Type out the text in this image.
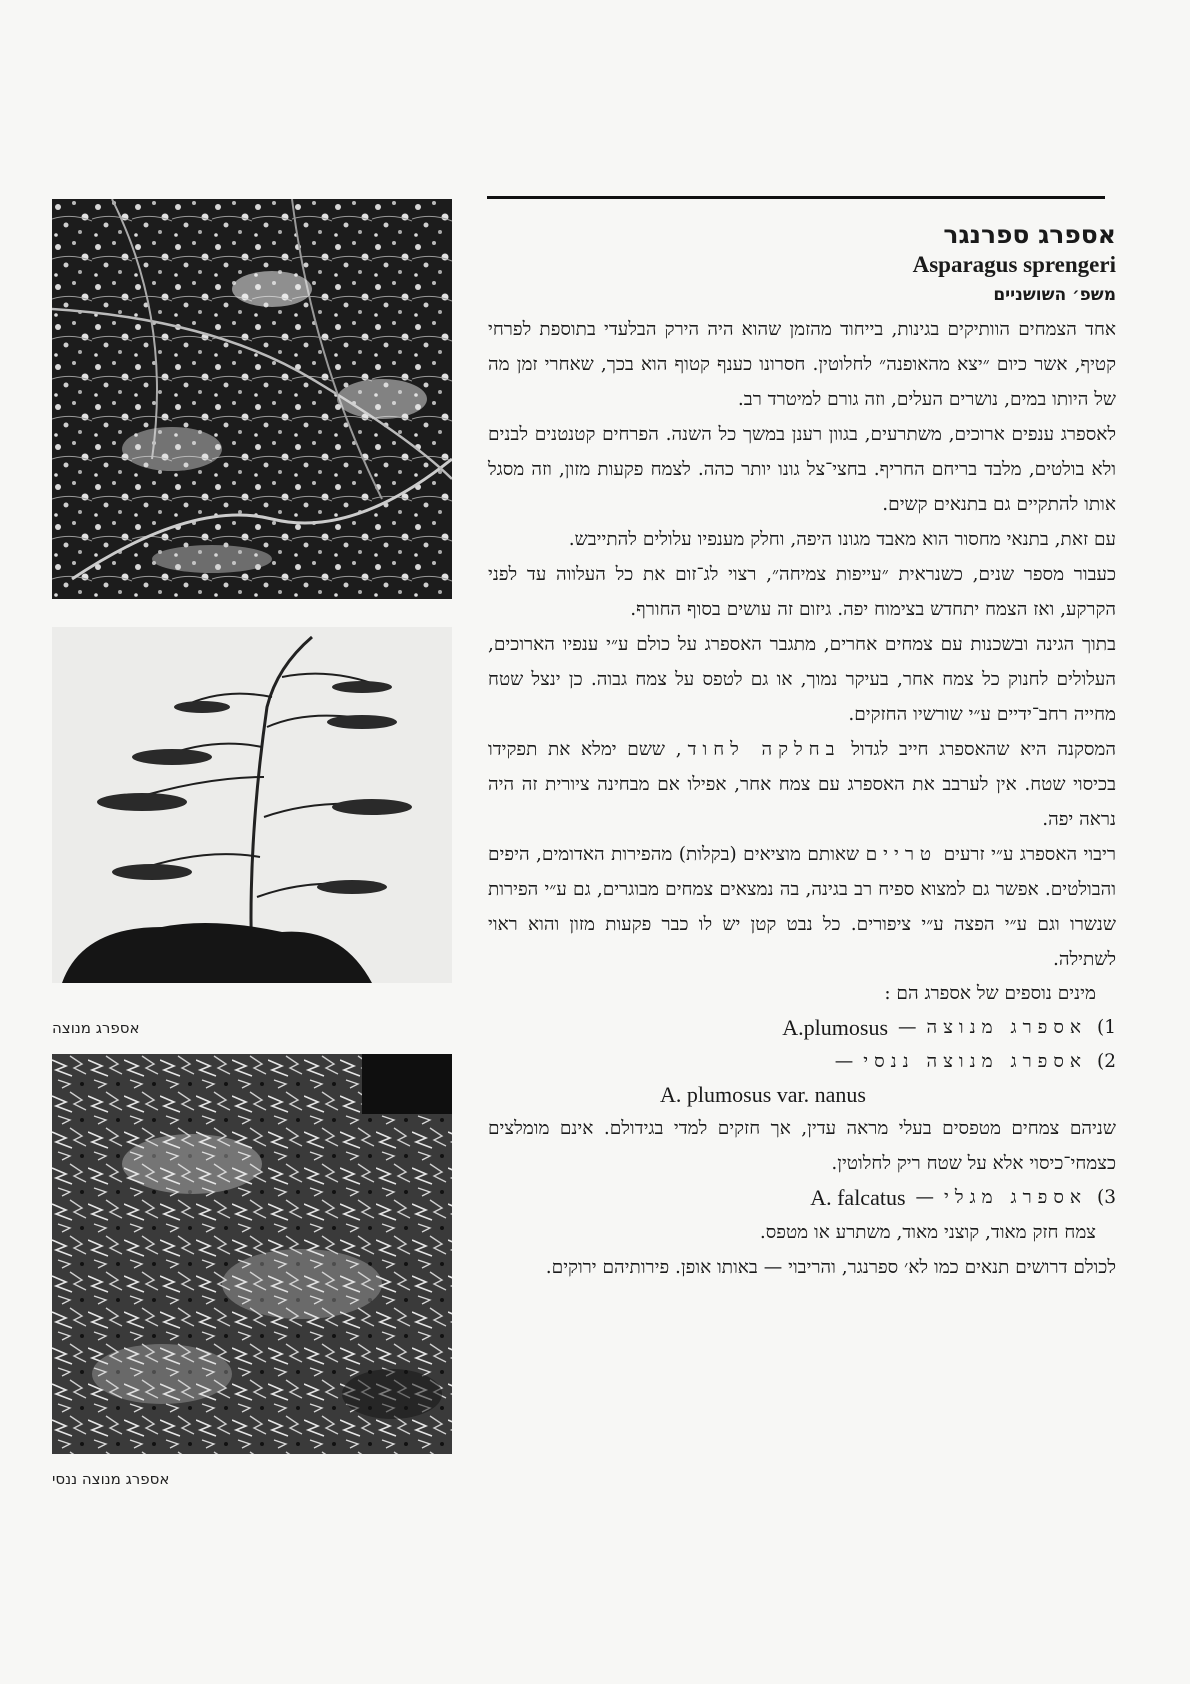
אספרג מנוצה
אספרג מנוצה ננסי
אספרג ספרנגר
Asparagus sprengeri
משפ׳ השושניים

אחד הצמחים הוותיקים בגינות, בייחוד מהזמן שהוא היה הירק הבלעדי בתוספת לפרחי קטיף, אשר כיום ״יצא מהאופנה״ לחלוטין. חסרונו כענף קטוף הוא בכך, שאחרי זמן מה של היותו במים, נושרים העלים, וזה גורם למיטרד רב.

לאספרג ענפים ארוכים, משתרעים, בגוון רענן במשך כל השנה. הפרחים קטנטנים לבנים ולא בולטים, מלבד בריחם החריף. בחצי־צל גונו יותר כהה. לצמח פקעות מזון, וזה מסגל אותו להתקיים גם בתנאים קשים.

עם זאת, בתנאי מחסור הוא מאבד מגונו היפה, וחלק מענפיו עלולים להתייבש.

כעבור מספר שנים, כשנראית ״עייפות צמיחה״, רצוי לג־זום את כל העלווה עד לפני הקרקע, ואז הצמח יתחדש בצימוח יפה. גיזום זה עושים בסוף החורף.

בתוך הגינה ובשכנות עם צמחים אחרים, מתגבר האספרג על כולם ע״י ענפיו הארוכים, העלולים לחנוק כל צמח אחר, בעיקר נמוך, או גם לטפס על צמח גבוה. כן ינצל שטח מחייה רחב־ידיים ע״י שורשיו החזקים.

המסקנה היא שהאספרג חייב לגדול בחלקה לחוד, ששם ימלא את תפקידו בכיסוי שטח. אין לערבב את האספרג עם צמח אחר, אפילו אם מבחינה ציורית זה היה נראה יפה.

ריבוי האספרג ע״י זרעים טריים שאותם מוציאים (בקלות) מהפירות האדומים, היפים והבולטים. אפשר גם למצוא ספיח רב בגינה, בה נמצאים צמחים מבוגרים, גם ע״י הפירות שנשרו וגם ע״י הפצה ע״י ציפורים. כל נבט קטן יש לו כבר פקעות מזון והוא ראוי לשתילה.

מינים נוספים של אספרג הם :
1)
אספרג מנוצה
—
A.plumosus
2)
אספרג מנוצה ננסי
—
A. plumosus var. nanus

שניהם צמחים מטפסים בעלי מראה עדין, אך חזקים למדי בגידולם. אינם מומלצים כצמחי־כיסוי אלא על שטח ריק לחלוטין.

3)
אספרג מגלי
—
A. falcatus

צמח חזק מאוד, קוצני מאוד, משתרע או מטפס.

לכולם דרושים תנאים כמו לא׳ ספרנגר, והריבוי — באותו אופן. פירותיהם ירוקים.
